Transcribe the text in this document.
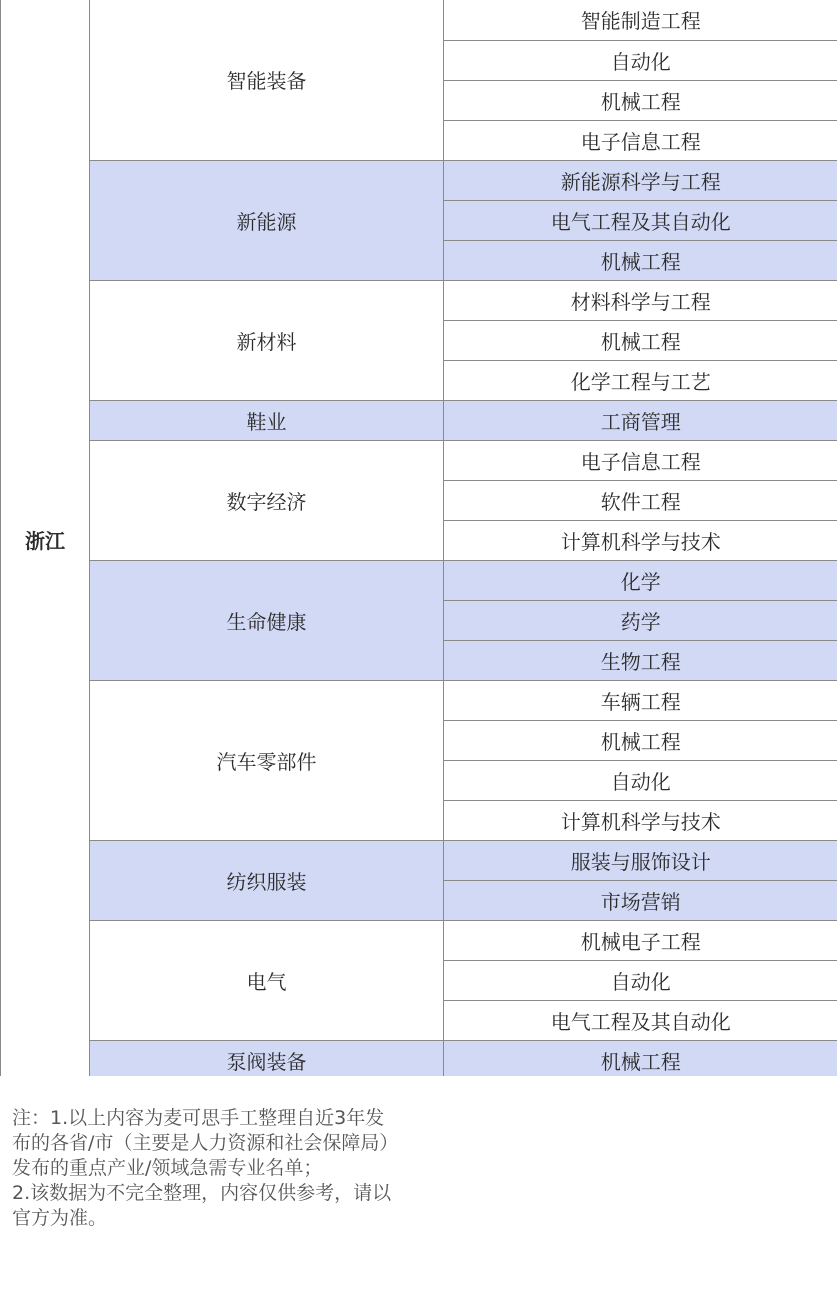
浙江	智能装备	智能制造工程
		自动化
		机械工程
		电子信息工程
	新能源	新能源科学与工程
		电气工程及其自动化
		机械工程
	新材料	材料科学与工程
		机械工程
		化学工程与工艺
	鞋业	工商管理
	数字经济	电子信息工程
		软件工程
		计算机科学与技术
	生命健康	化学
		药学
		生物工程
	汽车零部件	车辆工程
		机械工程
		自动化
		计算机科学与技术
	纺织服装	服装与服饰设计
		市场营销
	电气	机械电子工程
		自动化
		电气工程及其自动化
	泵阀装备	机械工程

注：1.以上内容为麦可思手工整理自近3年发布的各省/市（主要是人力资源和社会保障局）发布的重点产业/领域急需专业名单；

2.该数据为不完全整理，内容仅供参考，请以官方为准。
